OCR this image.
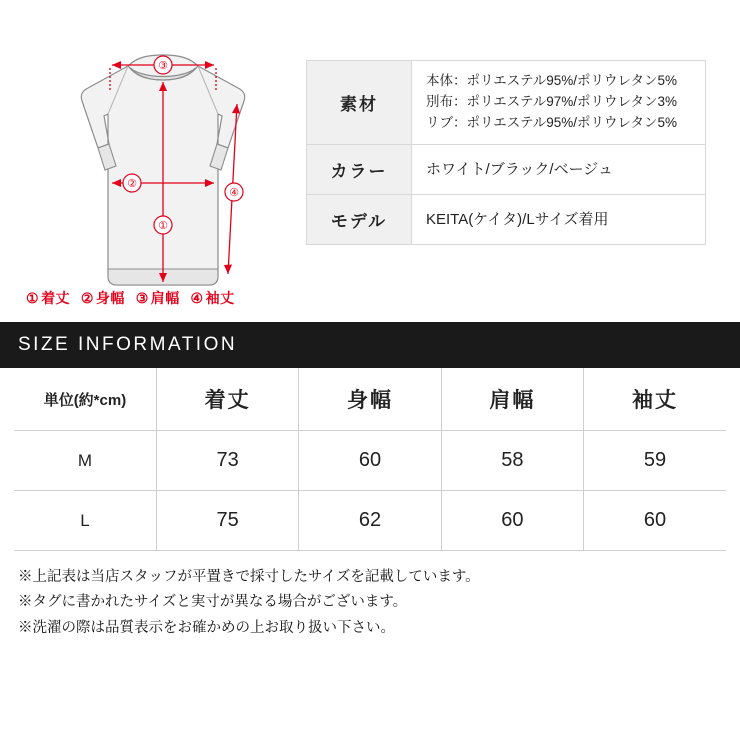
③
②
①
④
① 着丈 ② 身幅 ③ 肩幅 ④ 袖丈
素材	本体：ポリエステル95%/ポリウレタン5%
別布：ポリエステル97%/ポリウレタン3%
リブ：ポリエステル95%/ポリウレタン5%

カラー	ホワイト/ブラック/ベージュ
モデル	KEITA(ケイタ)/Lサイズ着用
SIZE INFORMATION
単位(約*cm)	着丈	身幅	肩幅	袖丈
M	73	60	58	59
L	75	62	60	60
※上記表は当店スタッフが平置きで採寸したサイズを記載しています。
※タグに書かれたサイズと実寸が異なる場合がございます。
※洗濯の際は品質表示をお確かめの上お取り扱い下さい。
